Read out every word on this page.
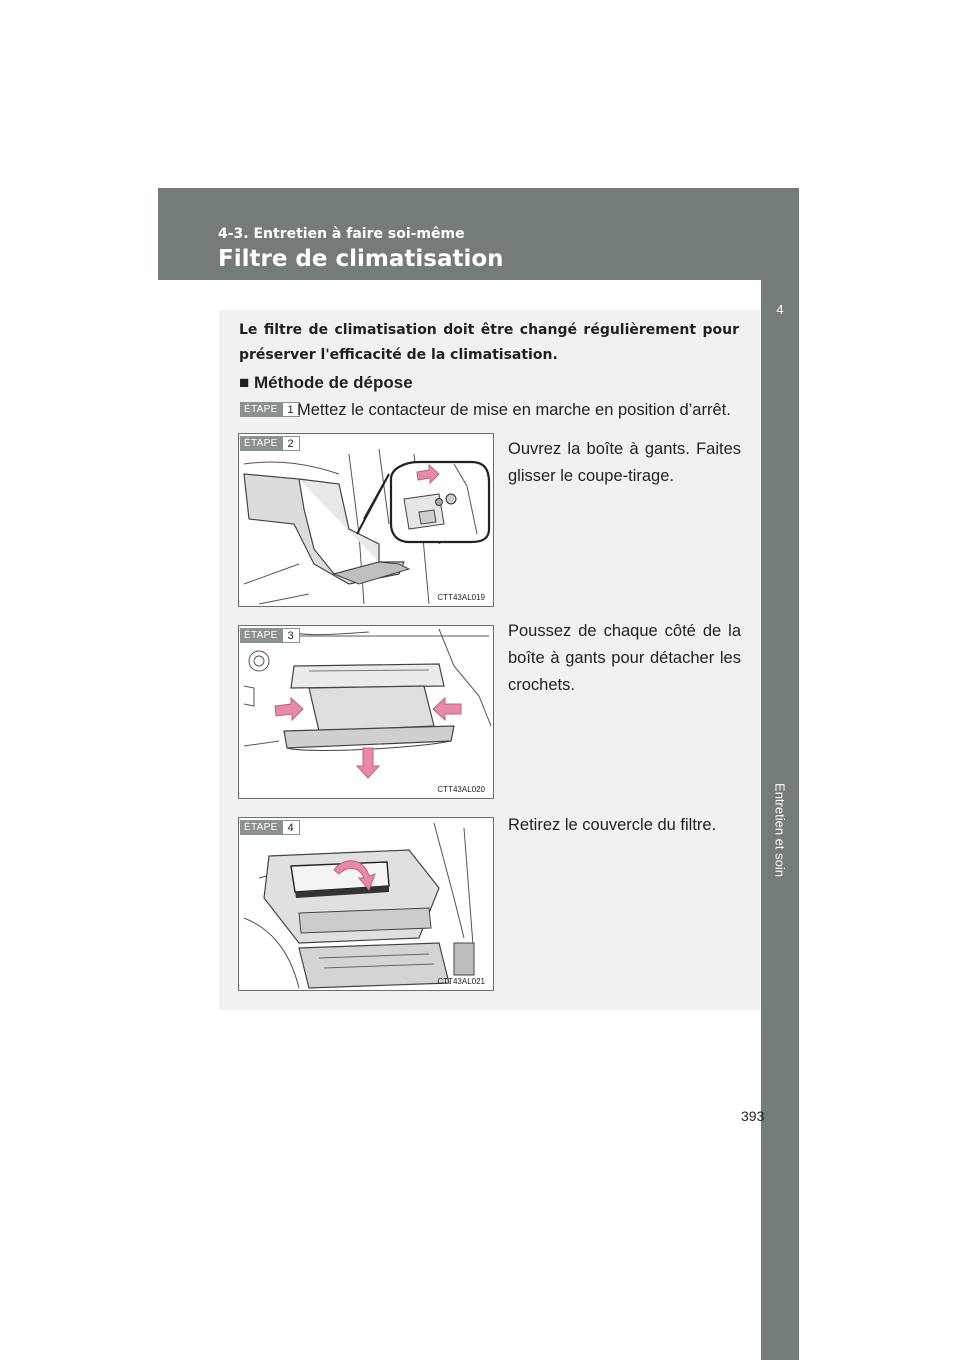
4-3. Entretien à faire soi-même
Filtre de climatisation
4
Entretien et soin

Le filtre de climatisation doit être changé régulièrement pour préserver l'efficacité de la climatisation.

■ Méthode de dépose
ÉTAPE 1 Mettez le contacteur de mise en marche en position d’arrêt.
CTT43AL019
ÉTAPE 2	Ouvrez la boîte à gants. Faites glisser le coupe-tirage.

CTT43AL020
ÉTAPE 3	Poussez de chaque côté de la boîte à gants pour détacher les crochets.

CTT43AL021
ÉTAPE 4	Retirez le couvercle du filtre.

393
